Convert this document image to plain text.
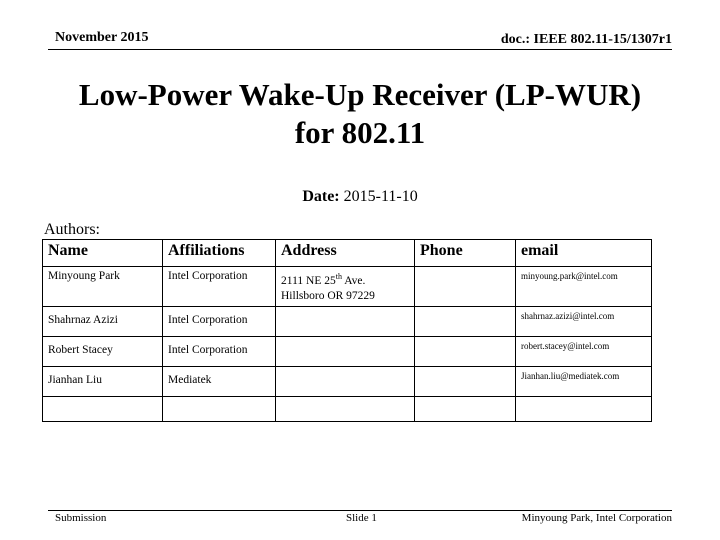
November 2015	doc.: IEEE 802.11-15/1307r1
Low-Power Wake-Up Receiver (LP-WUR)
for 802.11
Date: 2015-11-10
Authors:
Name	Affiliations	Address	Phone	email
Minyoung Park	Intel Corporation	2111 NE 25th Ave.
Hillsboro OR 97229		minyoung.park@intel.com
Shahrnaz Azizi	Intel Corporation			shahrnaz.azizi@intel.com
Robert Stacey	Intel Corporation			robert.stacey@intel.com
Jianhan Liu	Mediatek			Jianhan.liu@mediatek.com

Submission	Slide 1	Minyoung Park, Intel Corporation
